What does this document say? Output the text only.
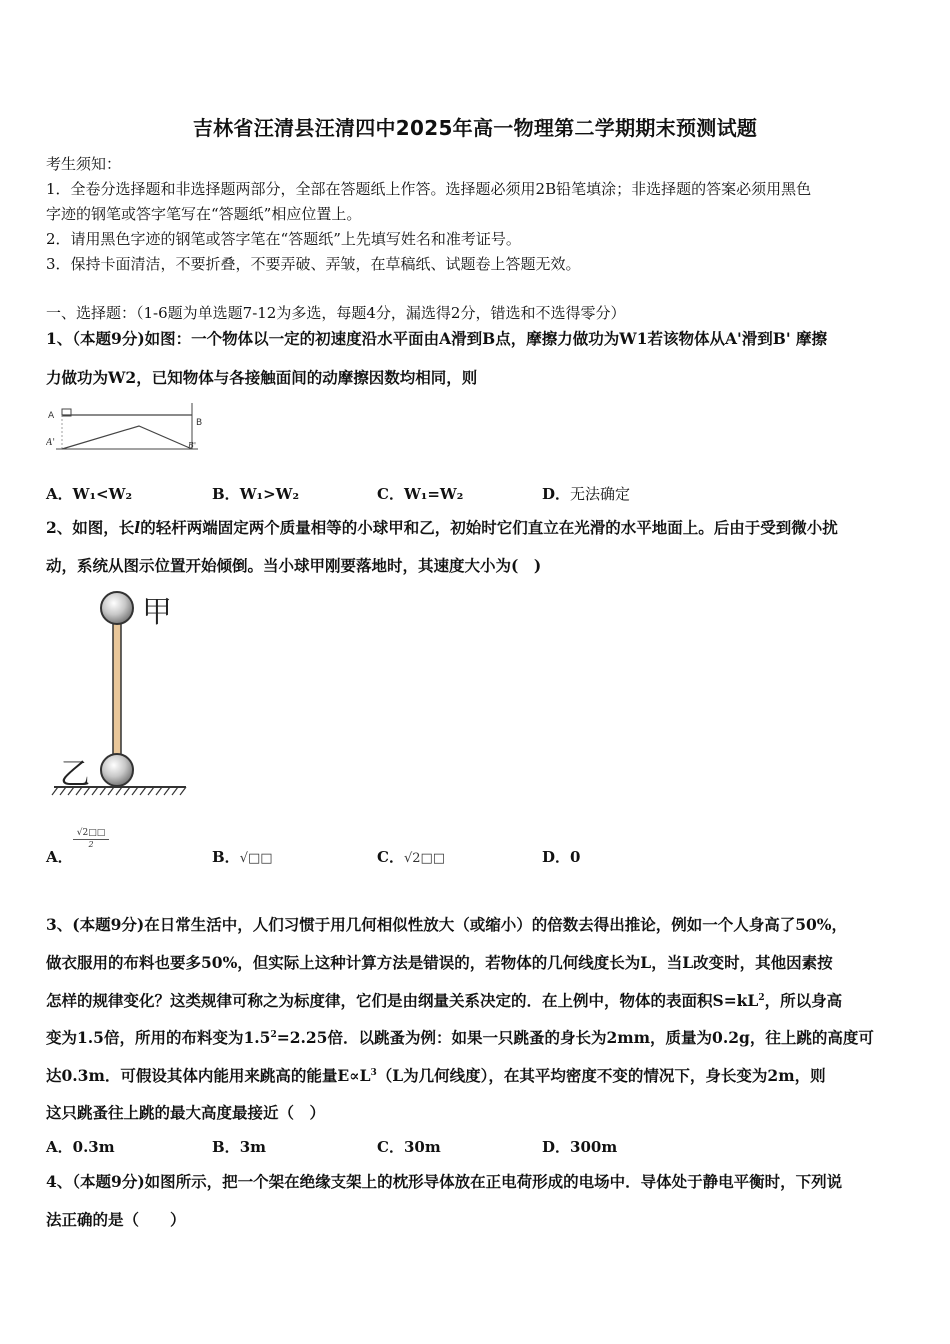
吉林省汪清县汪清四中2025年高一物理第二学期期末预测试题
考生须知：
1．全卷分选择题和非选择题两部分，全部在答题纸上作答。选择题必须用2B铅笔填涂；非选择题的答案必须用黑色
字迹的钢笔或答字笔写在“答题纸”相应位置上。
2．请用黑色字迹的钢笔或答字笔在“答题纸”上先填写姓名和准考证号。
3．保持卡面清洁，不要折叠，不要弄破、弄皱，在草稿纸、试题卷上答题无效。
一、选择题：（1-6题为单选题7-12为多选，每题4分，漏选得2分，错选和不选得零分）
1、（本题9分)如图：一个物体以一定的初速度沿水平面由A滑到B点，摩擦力做功为W1若该物体从A'滑到B' 摩擦
力做功为W2，已知物体与各接触面间的动摩擦因数均相同，则
A
B
A'	B'
A．W₁<W₂	B．W₁>W₂	C．W₁=W₂	D．无法确定
2、如图，长l的轻杆两端固定两个质量相等的小球甲和乙，初始时它们直立在光滑的水平地面上。后由于受到微小扰
动，系统从图示位置开始倾倒。当小球甲刚要落地时，其速度大小为(　)
甲
乙
A．
$\frac{√2□□}{2}$
B．√□□	C．√2□□	D．0
3、(本题9分)在日常生活中，人们习惯于用几何相似性放大（或缩小）的倍数去得出推论，例如一个人身高了50%，
做衣服用的布料也要多50%，但实际上这种计算方法是错误的，若物体的几何线度长为L，当L改变时，其他因素按
怎样的规律变化？这类规律可称之为标度律，它们是由纲量关系决定的．在上例中，物体的表面积$S=kL^2$，所以身高
变为1.5倍，所用的布料变为$1.5^2=2.25$倍．以跳蚤为例：如果一只跳蚤的身长为2mm，质量为0.2g，往上跳的高度可
达0.3m．可假设其体内能用来跳高的能量$E\propto L^3(L$为几何线度），在其平均密度不变的情况下，身长变为2m，则
这只跳蚤往上跳的最大高度最接近（　）
A．0.3m	B．3m	C．30m	D．300m
4、（本题9分)如图所示，把一个架在绝缘支架上的枕形导体放在正电荷形成的电场中．导体处于静电平衡时，下列说
法正确的是（　　）
